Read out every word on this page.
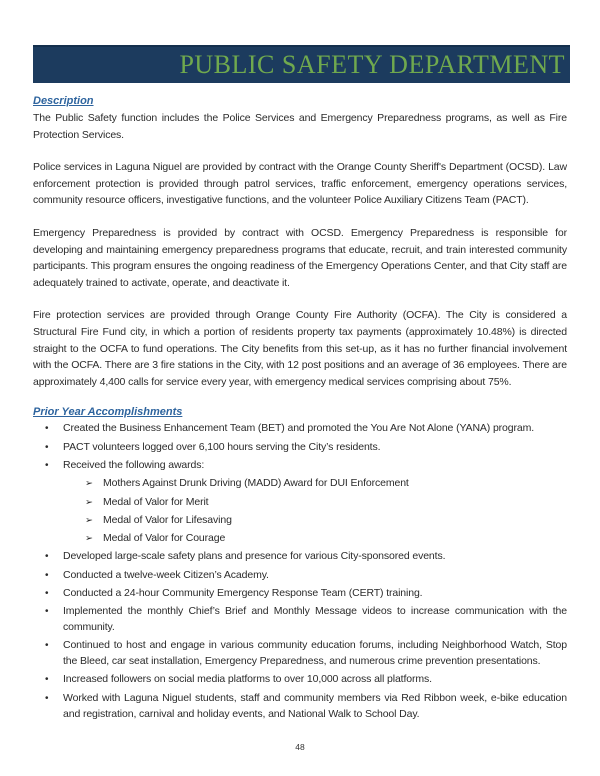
PUBLIC SAFETY DEPARTMENT
Description

The Public Safety function includes the Police Services and Emergency Preparedness programs, as well as Fire Protection Services.

Police services in Laguna Niguel are provided by contract with the Orange County Sheriff's Department (OCSD). Law enforcement protection is provided through patrol services, traffic enforcement, emergency operations services, community resource officers, investigative functions, and the volunteer Police Auxiliary Citizens Team (PACT).

Emergency Preparedness is provided by contract with OCSD. Emergency Preparedness is responsible for developing and maintaining emergency preparedness programs that educate, recruit, and train interested community participants. This program ensures the ongoing readiness of the Emergency Operations Center, and that City staff are adequately trained to activate, operate, and deactivate it.

Fire protection services are provided through Orange County Fire Authority (OCFA). The City is considered a Structural Fire Fund city, in which a portion of residents property tax payments (approximately 10.48%) is directed straight to the OCFA to fund operations. The City benefits from this set-up, as it has no further financial involvement with the OCFA. There are 3 fire stations in the City, with 12 post positions and an average of 36 employees. There are approximately 4,400 calls for service every year, with emergency medical services comprising about 75%.

Prior Year Accomplishments
•	Created the Business Enhancement Team (BET) and promoted the You Are Not Alone (YANA) program.
•	PACT volunteers logged over 6,100 hours serving the City’s residents.
•	Received the following awards:
➢ Mothers Against Drunk Driving (MADD) Award for DUI Enforcement
➢ Medal of Valor for Merit
➢ Medal of Valor for Lifesaving
➢ Medal of Valor for Courage
•	Developed large-scale safety plans and presence for various City-sponsored events.
•	Conducted a twelve-week Citizen’s Academy.
•	Conducted a 24-hour Community Emergency Response Team (CERT) training.
•	Implemented the monthly Chief’s Brief and Monthly Message videos to increase communication with the community.
•	Continued to host and engage in various community education forums, including Neighborhood Watch, Stop the Bleed, car seat installation, Emergency Preparedness, and numerous crime prevention presentations.
•	Increased followers on social media platforms to over 10,000 across all platforms.
•	Worked with Laguna Niguel students, staff and community members via Red Ribbon week, e-bike education and registration, carnival and holiday events, and National Walk to School Day.
48
